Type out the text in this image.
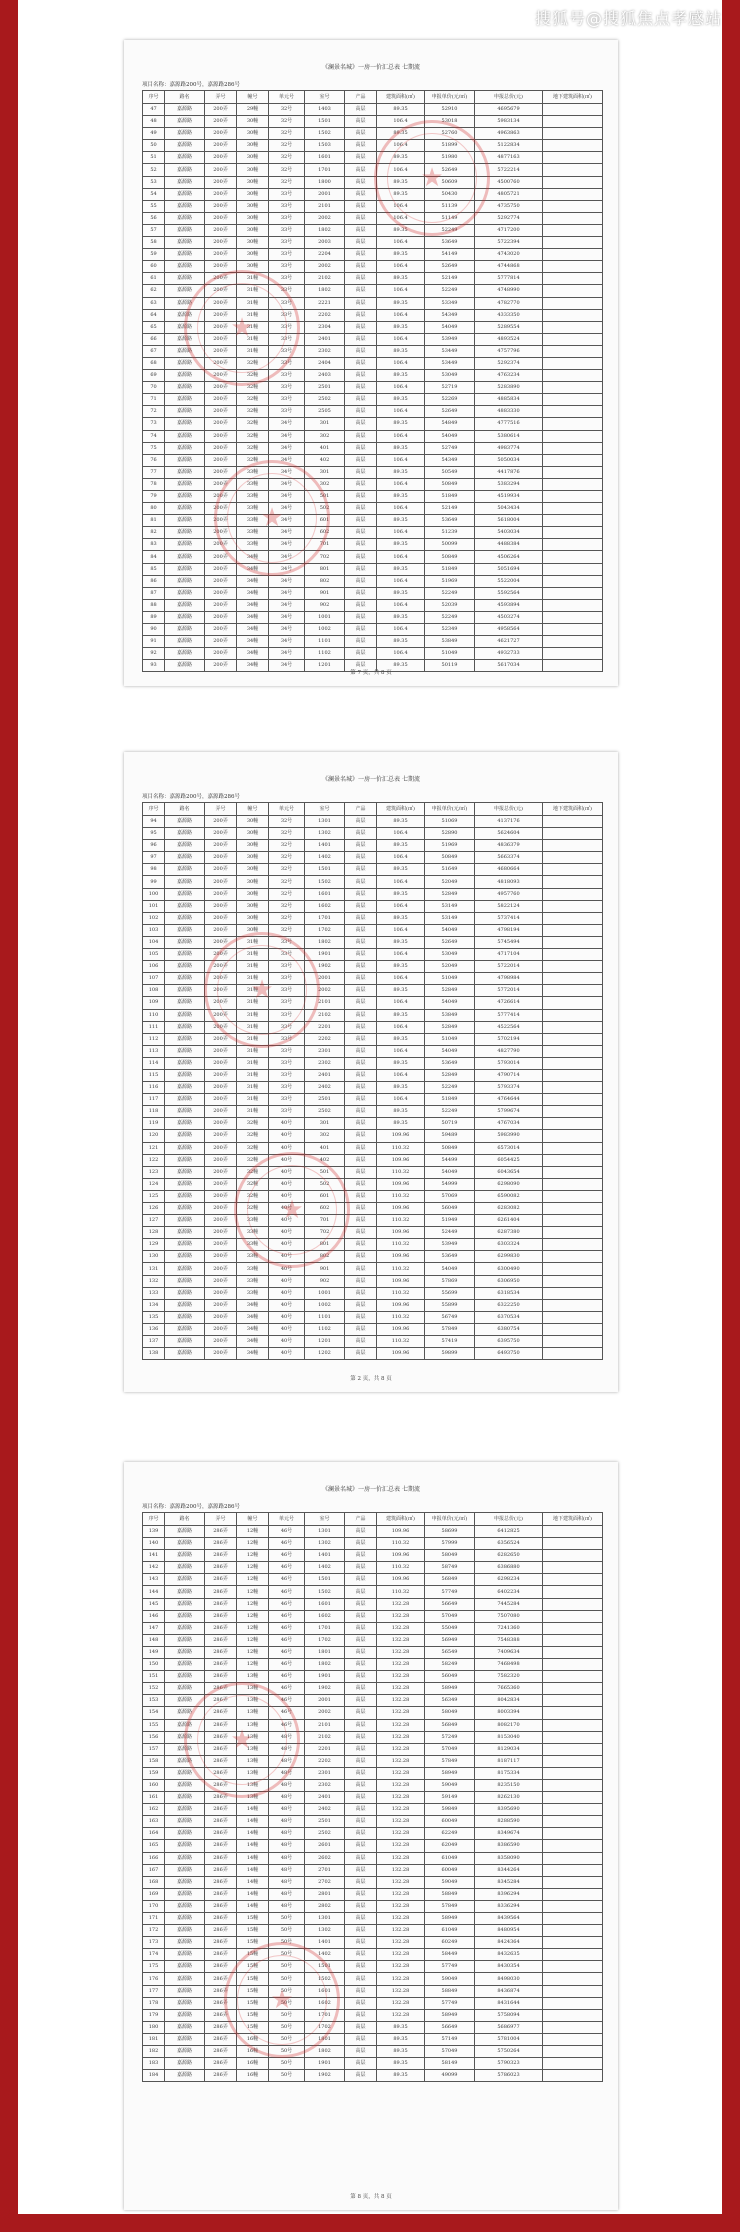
搜狐号@搜狐焦点孝感站
《澜景名城》一房一价汇总表 七期流
项目名称：嘉源路200号，嘉源路286号
序号	路名	弄号	幢号	单元号	室号	产品	建筑面积(㎡)	申报单价(元/㎡)	申报总价(元)	地下建筑面积(㎡)
47	嘉源路	200弄	29幢	32号	1403	高层	89.35	52910	4695679	
48	嘉源路	200弄	30幢	32号	1501	高层	106.4	53018	5983134	
49	嘉源路	200弄	30幢	32号	1502	高层	89.35	52760	4963863	
50	嘉源路	200弄	30幢	32号	1503	高层	106.4	51899	5122834	
51	嘉源路	200弄	30幢	32号	1601	高层	89.35	51980	4877163	
52	嘉源路	200弄	30幢	32号	1701	高层	106.4	52649	5722214	
53	嘉源路	200弄	30幢	32号	1800	高层	89.35	50609	4500760	
54	嘉源路	200弄	30幢	33号	2001	高层	89.35	50430	4805721	
55	嘉源路	200弄	30幢	33号	2101	高层	106.4	51139	4735750	
56	嘉源路	200弄	30幢	33号	2002	高层	106.4	51149	5292774	
57	嘉源路	200弄	30幢	33号	1802	高层	89.35	52249	4717200	
58	嘉源路	200弄	30幢	33号	2003	高层	106.4	53649	5722394	
59	嘉源路	200弄	30幢	33号	2204	高层	89.35	54149	4743020	
60	嘉源路	200弄	30幢	33号	2002	高层	106.4	52649	4744868	
61	嘉源路	200弄	31幢	33号	2102	高层	89.35	52149	5777814	
62	嘉源路	200弄	31幢	33号	1802	高层	106.4	52249	4748990	
63	嘉源路	200弄	31幢	33号	2221	高层	89.35	53349	4782770	
64	嘉源路	200弄	31幢	33号	2202	高层	106.4	54349	4333350	
65	嘉源路	200弄	31幢	33号	2304	高层	89.35	54049	5289554	
66	嘉源路	200弄	31幢	33号	2401	高层	106.4	53949	4893524	
67	嘉源路	200弄	31幢	33号	2302	高层	89.35	53449	4757796	
68	嘉源路	200弄	32幢	33号	2404	高层	106.4	53449	5292374	
69	嘉源路	200弄	32幢	33号	2403	高层	89.35	53049	4763234	
70	嘉源路	200弄	32幢	33号	2501	高层	106.4	52719	5283890	
71	嘉源路	200弄	32幢	33号	2502	高层	89.35	52269	4885834	
72	嘉源路	200弄	32幢	33号	2505	高层	106.4	52649	4883330	
73	嘉源路	200弄	32幢	34号	301	高层	89.35	54849	4777516	
74	嘉源路	200弄	32幢	34号	302	高层	106.4	54049	5380614	
75	嘉源路	200弄	32幢	34号	401	高层	89.35	52749	4983774	
76	嘉源路	200弄	32幢	34号	402	高层	106.4	54349	5050034	
77	嘉源路	200弄	33幢	34号	301	高层	89.35	50549	4417876	
78	嘉源路	200弄	33幢	34号	302	高层	106.4	50849	5383294	
79	嘉源路	200弄	33幢	34号	501	高层	89.35	51849	4519934	
80	嘉源路	200弄	33幢	34号	502	高层	106.4	52149	5043434	
81	嘉源路	200弄	33幢	34号	601	高层	89.35	53649	5618004	
82	嘉源路	200弄	33幢	34号	602	高层	106.4	51239	5403034	
83	嘉源路	200弄	33幢	34号	701	高层	89.35	50099	4488384	
84	嘉源路	200弄	34幢	34号	702	高层	106.4	50849	4506264	
85	嘉源路	200弄	34幢	34号	801	高层	89.35	51849	5051694	
86	嘉源路	200弄	34幢	34号	802	高层	106.4	51969	5522004	
87	嘉源路	200弄	34幢	34号	901	高层	89.35	52249	5592564	
88	嘉源路	200弄	34幢	34号	902	高层	106.4	52039	4593894	
89	嘉源路	200弄	34幢	34号	1001	高层	89.35	52249	4503274	
90	嘉源路	200弄	34幢	34号	1002	高层	106.4	52349	4958564	
91	嘉源路	200弄	34幢	34号	1101	高层	89.35	53849	4621727	
92	嘉源路	200弄	34幢	34号	1102	高层	106.4	51049	4932733	
93	嘉源路	200弄	34幢	34号	1201	高层	89.35	50119	5617034	
第 7 页，共 8 页
★
★
★
《澜景名城》一房一价汇总表 七期流
项目名称：嘉源路200号，嘉源路286号
序号	路名	弄号	幢号	单元号	室号	产品	建筑面积(㎡)	申报单价(元/㎡)	申报总价(元)	地下建筑面积(㎡)
94	嘉源路	200弄	30幢	32号	1301	高层	89.35	51069	4137176	
95	嘉源路	200弄	30幢	32号	1302	高层	106.4	52890	5624604	
96	嘉源路	200弄	30幢	32号	1401	高层	89.35	51969	4836379	
97	嘉源路	200弄	30幢	32号	1402	高层	106.4	50849	5663374	
98	嘉源路	200弄	30幢	32号	1501	高层	89.35	51649	4680664	
99	嘉源路	200弄	30幢	32号	1502	高层	106.4	52049	4818093	
100	嘉源路	200弄	30幢	32号	1601	高层	89.35	52849	4957760	
101	嘉源路	200弄	30幢	32号	1602	高层	106.4	53149	5822124	
102	嘉源路	200弄	30幢	32号	1701	高层	89.35	53149	5737414	
103	嘉源路	200弄	30幢	32号	1702	高层	106.4	54049	4798194	
104	嘉源路	200弄	31幢	33号	1802	高层	89.35	52649	5745494	
105	嘉源路	200弄	31幢	33号	1901	高层	106.4	53049	4717104	
106	嘉源路	200弄	31幢	33号	1902	高层	89.35	52049	5722014	
107	嘉源路	200弄	31幢	33号	2001	高层	106.4	51049	4798984	
108	嘉源路	200弄	31幢	33号	2002	高层	89.35	52849	5772014	
109	嘉源路	200弄	31幢	33号	2101	高层	106.4	54049	4726614	
110	嘉源路	200弄	31幢	33号	2102	高层	89.35	53849	5777414	
111	嘉源路	200弄	31幢	33号	2201	高层	106.4	52849	4522564	
112	嘉源路	200弄	31幢	33号	2202	高层	89.35	51049	5702194	
113	嘉源路	200弄	31幢	33号	2301	高层	106.4	54049	4827790	
114	嘉源路	200弄	31幢	33号	2302	高层	89.35	53649	5793014	
115	嘉源路	200弄	31幢	33号	2401	高层	106.4	52849	4790714	
116	嘉源路	200弄	31幢	33号	2402	高层	89.35	52249	5793374	
117	嘉源路	200弄	31幢	33号	2501	高层	106.4	51849	4764644	
118	嘉源路	200弄	31幢	33号	2502	高层	89.35	52249	5799674	
119	嘉源路	200弄	32幢	40号	301	高层	89.35	50719	4767034	
120	嘉源路	200弄	32幢	40号	302	高层	109.96	59489	5983990	
121	嘉源路	200弄	32幢	40号	401	高层	110.32	50849	6573014	
122	嘉源路	200弄	32幢	40号	402	高层	109.96	54499	6054425	
123	嘉源路	200弄	32幢	40号	501	高层	110.32	54049	6043654	
124	嘉源路	200弄	32幢	40号	502	高层	109.96	54999	6298090	
125	嘉源路	200弄	32幢	40号	601	高层	110.32	57069	6590082	
126	嘉源路	200弄	32幢	40号	602	高层	109.96	56049	6283082	
127	嘉源路	200弄	33幢	40号	701	高层	110.32	51949	6261404	
128	嘉源路	200弄	33幢	40号	702	高层	109.96	52449	6287380	
129	嘉源路	200弄	33幢	40号	801	高层	110.32	53949	6303324	
130	嘉源路	200弄	33幢	40号	802	高层	109.96	53649	6299830	
131	嘉源路	200弄	33幢	40号	901	高层	110.32	54049	6300490	
132	嘉源路	200弄	33幢	40号	902	高层	109.96	57869	6306950	
133	嘉源路	200弄	33幢	40号	1001	高层	110.32	55699	6318534	
134	嘉源路	200弄	34幢	40号	1002	高层	109.96	55899	6322250	
135	嘉源路	200弄	34幢	40号	1101	高层	110.32	56749	6370534	
136	嘉源路	200弄	34幢	40号	1102	高层	109.96	57849	6380754	
137	嘉源路	200弄	34幢	40号	1201	高层	110.32	57419	6395750	
138	嘉源路	200弄	34幢	40号	1202	高层	109.96	59899	6493750	
第 2 页，共 8 页
★
★
《澜景名城》一房一价汇总表 七期流
项目名称：嘉源路200号，嘉源路286号
序号	路名	弄号	幢号	单元号	室号	产品	建筑面积(㎡)	申报单价(元/㎡)	申报总价(元)	地下建筑面积(㎡)
139	嘉源路	286弄	12幢	46号	1301	高层	109.96	58699	6412825	
140	嘉源路	286弄	12幢	46号	1302	高层	110.32	57999	6356524	
141	嘉源路	286弄	12幢	46号	1401	高层	109.96	58049	6282650	
142	嘉源路	286弄	12幢	46号	1402	高层	110.32	58749	6386880	
143	嘉源路	286弄	12幢	46号	1501	高层	109.96	56849	6298234	
144	嘉源路	286弄	12幢	46号	1502	高层	110.32	57749	6402234	
145	嘉源路	286弄	12幢	46号	1601	高层	132.28	56649	7445284	
146	嘉源路	286弄	12幢	46号	1602	高层	132.28	57049	7507080	
147	嘉源路	286弄	12幢	46号	1701	高层	132.28	55049	7241360	
148	嘉源路	286弄	12幢	46号	1702	高层	132.28	56949	7548388	
149	嘉源路	286弄	12幢	46号	1801	高层	132.28	56549	7409634	
150	嘉源路	286弄	12幢	46号	1802	高层	132.28	58249	7468498	
151	嘉源路	286弄	13幢	46号	1901	高层	132.28	56049	7582320	
152	嘉源路	286弄	13幢	46号	1902	高层	132.28	58949	7665360	
153	嘉源路	286弄	13幢	46号	2001	高层	132.28	56349	8042834	
154	嘉源路	286弄	13幢	46号	2002	高层	132.28	58049	8003394	
155	嘉源路	286弄	13幢	46号	2101	高层	132.28	56849	8082170	
156	嘉源路	286弄	13幢	48号	2102	高层	132.28	57249	8153040	
157	嘉源路	286弄	13幢	48号	2201	高层	132.28	57049	8129034	
158	嘉源路	286弄	13幢	48号	2202	高层	132.28	57849	8187117	
159	嘉源路	286弄	13幢	48号	2301	高层	132.28	58949	8175334	
160	嘉源路	286弄	13幢	48号	2302	高层	132.28	59049	8235150	
161	嘉源路	286弄	13幢	48号	2401	高层	132.28	59149	8262130	
162	嘉源路	286弄	14幢	48号	2402	高层	132.28	59849	8395690	
163	嘉源路	286弄	14幢	48号	2501	高层	132.28	60049	8288590	
164	嘉源路	286弄	14幢	48号	2502	高层	132.28	62249	8349674	
165	嘉源路	286弄	14幢	48号	2601	高层	132.28	62049	8386590	
166	嘉源路	286弄	14幢	48号	2602	高层	132.28	61049	8358090	
167	嘉源路	286弄	14幢	48号	2701	高层	132.28	60049	8344264	
168	嘉源路	286弄	14幢	48号	2702	高层	132.28	59049	8345284	
169	嘉源路	286弄	14幢	48号	2801	高层	132.28	58849	8396294	
170	嘉源路	286弄	14幢	48号	2802	高层	132.28	57849	8336294	
171	嘉源路	286弄	15幢	50号	1301	高层	132.28	58949	8439564	
172	嘉源路	286弄	15幢	50号	1302	高层	132.28	61049	8480954	
173	嘉源路	286弄	15幢	50号	1401	高层	132.28	60249	8424364	
174	嘉源路	286弄	15幢	50号	1402	高层	132.28	58449	8432635	
175	嘉源路	286弄	15幢	50号	1501	高层	132.28	57749	8430354	
176	嘉源路	286弄	15幢	50号	1502	高层	132.28	59049	8498030	
177	嘉源路	286弄	15幢	50号	1601	高层	132.28	58849	8436874	
178	嘉源路	286弄	15幢	50号	1602	高层	132.28	57749	8431644	
179	嘉源路	286弄	15幢	50号	1701	高层	132.28	58949	5758094	
180	嘉源路	286弄	15幢	50号	1702	高层	89.35	56649	5686977	
181	嘉源路	286弄	16幢	50号	1801	高层	89.35	57149	5781004	
182	嘉源路	286弄	16幢	50号	1802	高层	89.35	57049	5750264	
183	嘉源路	286弄	16幢	50号	1901	高层	89.35	58149	5790323	
184	嘉源路	286弄	16幢	50号	1902	高层	89.35	49099	5786023	
第 8 页，共 8 页
★
★
